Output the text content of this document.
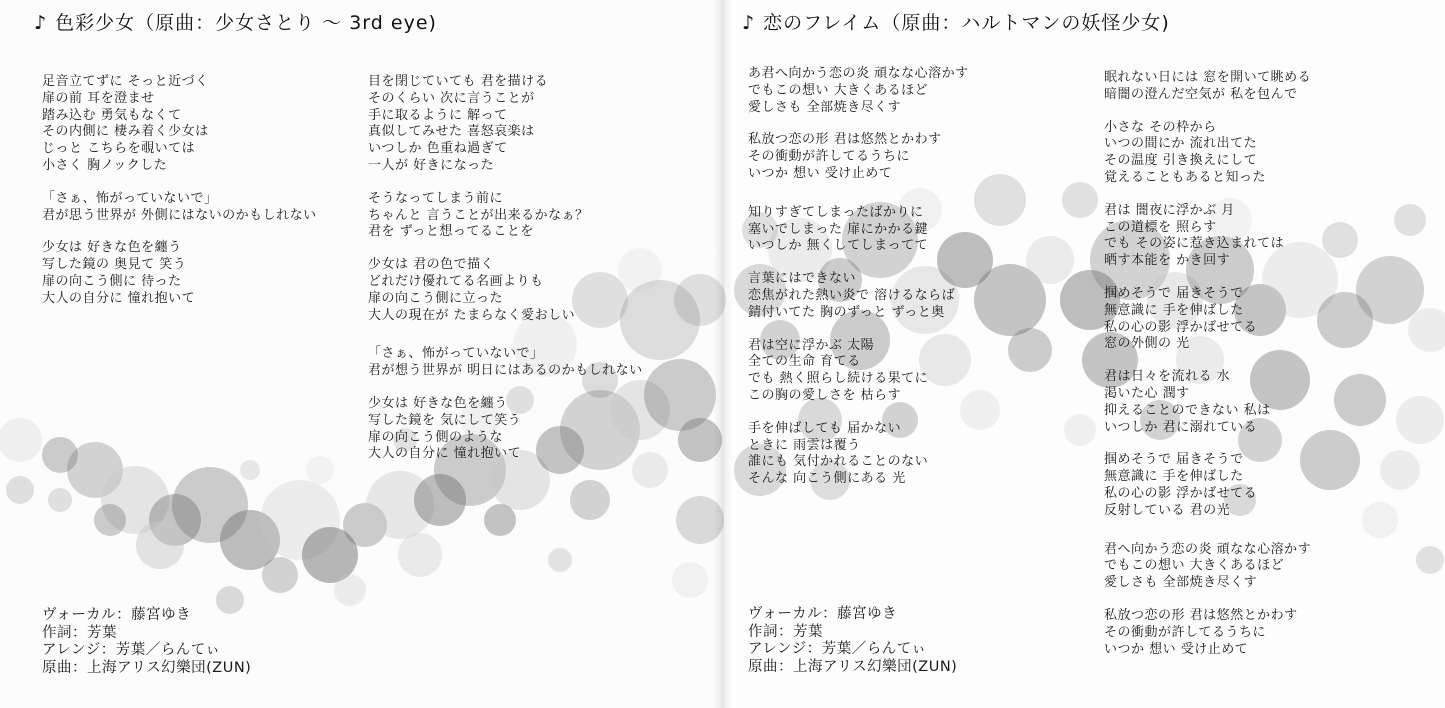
♪ 色彩少女（原曲：少女さとり ～ 3rd eye)
足音立てずに そっと近づく
扉の前 耳を澄ませ
踏み込む 勇気もなくて
その内側に 棲み着く少女は
じっと こちらを覗いては
小さく 胸ノックした
「さぁ、怖がっていないで」
君が思う世界が 外側にはないのかもしれない
少女は 好きな色を纏う
写した鏡の 奥見て 笑う
扉の向こう側に 待った
大人の自分に 憧れ抱いて
目を閉じていても 君を描ける
そのくらい 次に言うことが
手に取るように 解って
真似してみせた 喜怒哀楽は
いつしか 色重ね過ぎて
一人が 好きになった
そうなってしまう前に
ちゃんと 言うことが出来るかなぁ？
君を ずっと想ってることを
少女は 君の色で描く
どれだけ優れてる名画よりも
扉の向こう側に立った
大人の現在が たまらなく愛おしい
「さぁ、怖がっていないで」
君が想う世界が 明日にはあるのかもしれない
少女は 好きな色を纏う
写した鏡を 気にして笑う
扉の向こう側のような
大人の自分に 憧れ抱いて
ヴォーカル：藤宮ゆき
作詞：芳葉
アレンジ：芳葉／らんてぃ
原曲：上海アリス幻樂団(ZUN)
♪ 恋のフレイム（原曲：ハルトマンの妖怪少女)
あ君へ向かう恋の炎 頑なな心溶かす
でもこの想い 大きくあるほど
愛しさも 全部焼き尽くす
私放つ恋の形 君は悠然とかわす
その衝動が許してるうちに
いつか 想い 受け止めて
知りすぎてしまったばかりに
塞いでしまった 扉にかかる鍵
いつしか 無くしてしまってて
言葉にはできない
恋焦がれた熱い炎で 溶けるならば
錆付いてた 胸のずっと ずっと奥
君は空に浮かぶ 太陽
全ての生命 育てる
でも 熱く照らし続ける果てに
この胸の愛しさを 枯らす
手を伸ばしても 届かない
ときに 雨雲は覆う
誰にも 気付かれることのない
そんな 向こう側にある 光
眠れない日には 窓を開いて眺める
暗闇の澄んだ空気が 私を包んで
小さな その枠から
いつの間にか 流れ出てた
その温度 引き換えにして
覚えることもあると知った
君は 闇夜に浮かぶ 月
この道標を 照らす
でも その姿に惹き込まれては
晒す本能を かき回す
掴めそうで 届きそうで
無意識に 手を伸ばした
私の心の影 浮かばせてる
窓の外側の 光
君は日々を流れる 水
渇いた心 潤す
抑えることのできない 私は
いつしか 君に溺れている
掴めそうで 届きそうで
無意識に 手を伸ばした
私の心の影 浮かばせてる
反射している 君の光
君へ向かう恋の炎 頑なな心溶かす
でもこの想い 大きくあるほど
愛しさも 全部焼き尽くす
私放つ恋の形 君は悠然とかわす
その衝動が許してるうちに
いつか 想い 受け止めて
ヴォーカル：藤宮ゆき
作詞：芳葉
アレンジ：芳葉／らんてぃ
原曲：上海アリス幻樂団(ZUN)
